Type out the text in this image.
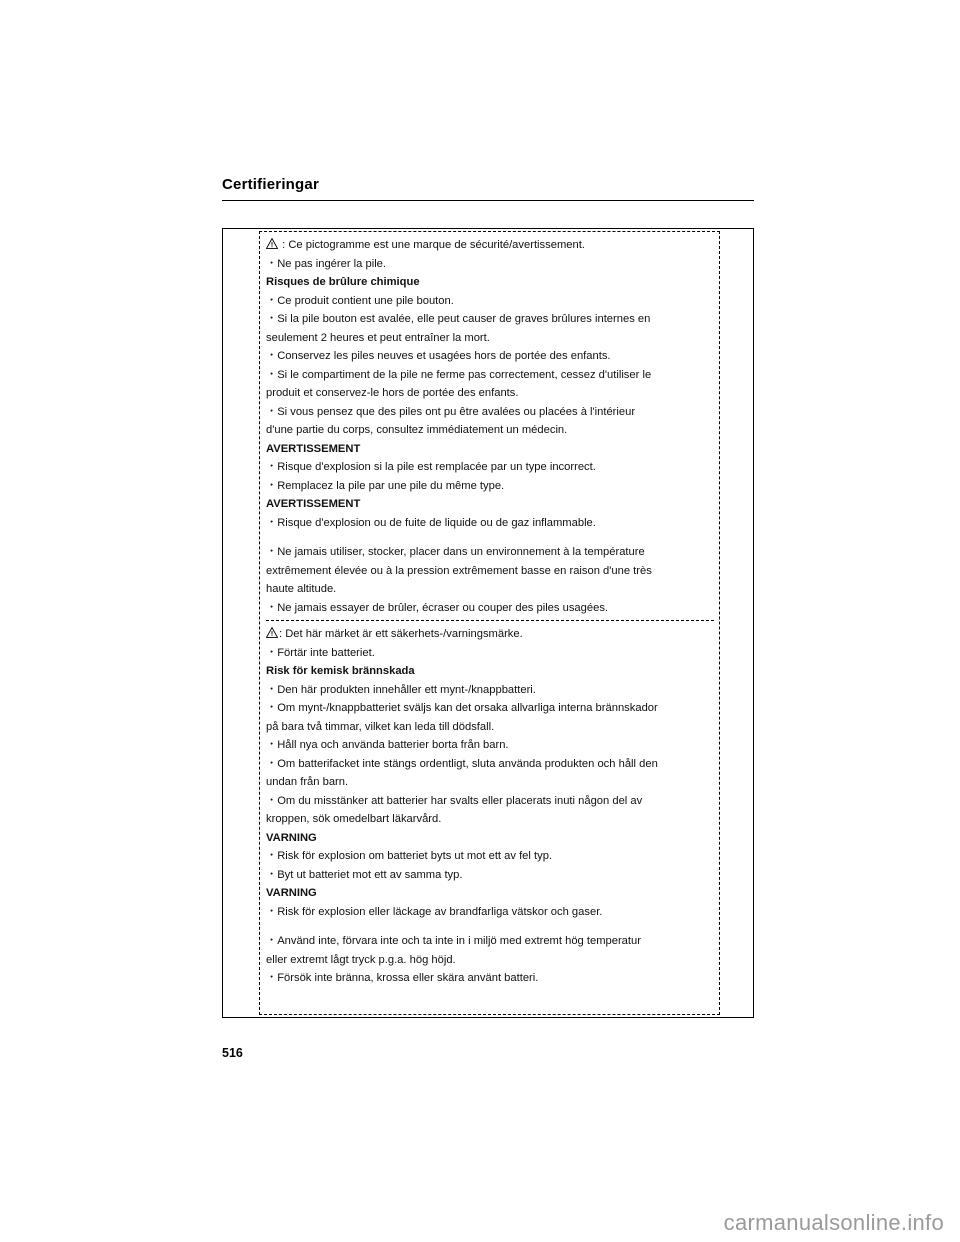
Certifieringar

: Ce pictogramme est une marque de sécurité/avertissement.

・Ne pas ingérer la pile.

Risques de brûlure chimique

・Ce produit contient une pile bouton.

・Si la pile bouton est avalée, elle peut causer de graves brûlures internes en

seulement 2 heures et peut entraîner la mort.

・Conservez les piles neuves et usagées hors de portée des enfants.

・Si le compartiment de la pile ne ferme pas correctement, cessez d'utiliser le

produit et conservez-le hors de portée des enfants.

・Si vous pensez que des piles ont pu être avalées ou placées à l'intérieur

d'une partie du corps, consultez immédiatement un médecin.

AVERTISSEMENT

・Risque d'explosion si la pile est remplacée par un type incorrect.

・Remplacez la pile par une pile du même type.

AVERTISSEMENT

・Risque d'explosion ou de fuite de liquide ou de gaz inflammable.

・Ne jamais utiliser, stocker, placer dans un environnement à la température

extrêmement élevée ou à la pression extrêmement basse en raison d'une très

haute altitude.

・Ne jamais essayer de brûler, écraser ou couper des piles usagées.

: Det här märket är ett säkerhets-/varningsmärke.

・Förtär inte batteriet.

Risk för kemisk brännskada

・Den här produkten innehåller ett mynt-/knappbatteri.

・Om mynt-/knappbatteriet sväljs kan det orsaka allvarliga interna brännskador

på bara två timmar, vilket kan leda till dödsfall.

・Håll nya och använda batterier borta från barn.

・Om batterifacket inte stängs ordentligt, sluta använda produkten och håll den

undan från barn.

・Om du misstänker att batterier har svalts eller placerats inuti någon del av

kroppen, sök omedelbart läkarvård.

VARNING

・Risk för explosion om batteriet byts ut mot ett av fel typ.

・Byt ut batteriet mot ett av samma typ.

VARNING

・Risk för explosion eller läckage av brandfarliga vätskor och gaser.

・Använd inte, förvara inte och ta inte in i miljö med extremt hög temperatur

eller extremt lågt tryck p.g.a. hög höjd.

・Försök inte bränna, krossa eller skära använt batteri.

516
carmanualsonline.info
